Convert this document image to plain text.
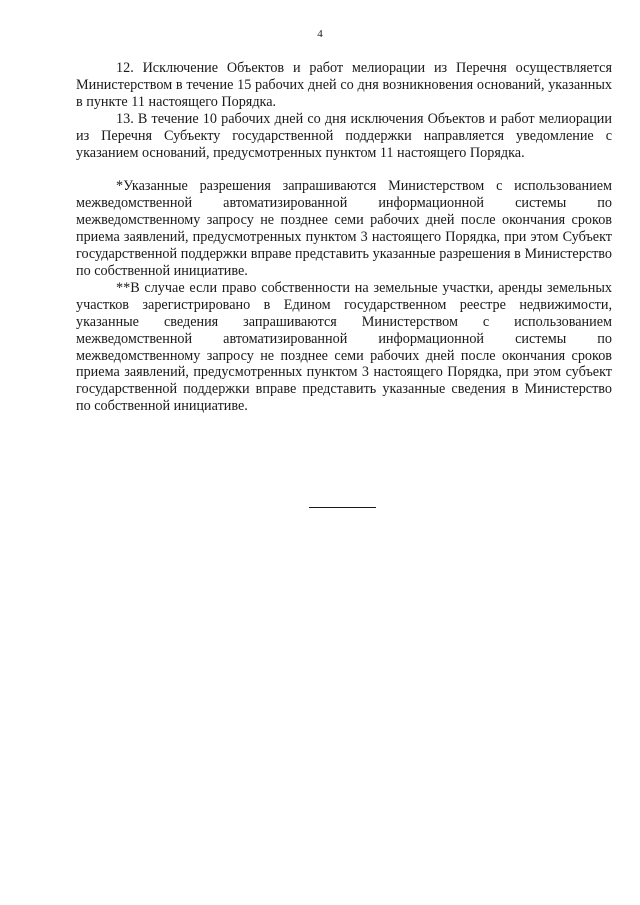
4

12. Исключение Объектов и работ мелиорации из Перечня осуществляется Министерством в течение 15 рабочих дней со дня возникновения оснований, указанных в пункте 11 настоящего Порядка.

13. В течение 10 рабочих дней со дня исключения Объектов и работ мелиорации из Перечня Субъекту государственной поддержки направляется уведомление с указанием оснований, предусмотренных пунктом 11 настоящего Порядка.

*Указанные разрешения запрашиваются Министерством с использованием межведомственной автоматизированной информационной системы по межведомственному запросу не позднее семи рабочих дней после окончания сроков приема заявлений, предусмотренных пунктом 3 настоящего Порядка, при этом Субъект государственной поддержки вправе представить указанные разрешения в Министерство по собственной инициативе.

**В случае если право собственности на земельные участки, аренды земельных участков зарегистрировано в Едином государственном реестре недвижимости, указанные сведения запрашиваются Министерством с использованием межведомственной автоматизированной информационной системы по межведомственному запросу не позднее семи рабочих дней после окончания сроков приема заявлений, предусмотренных пунктом 3 настоящего Порядка, при этом субъект государственной поддержки вправе представить указанные сведения в Министерство по собственной инициативе.
